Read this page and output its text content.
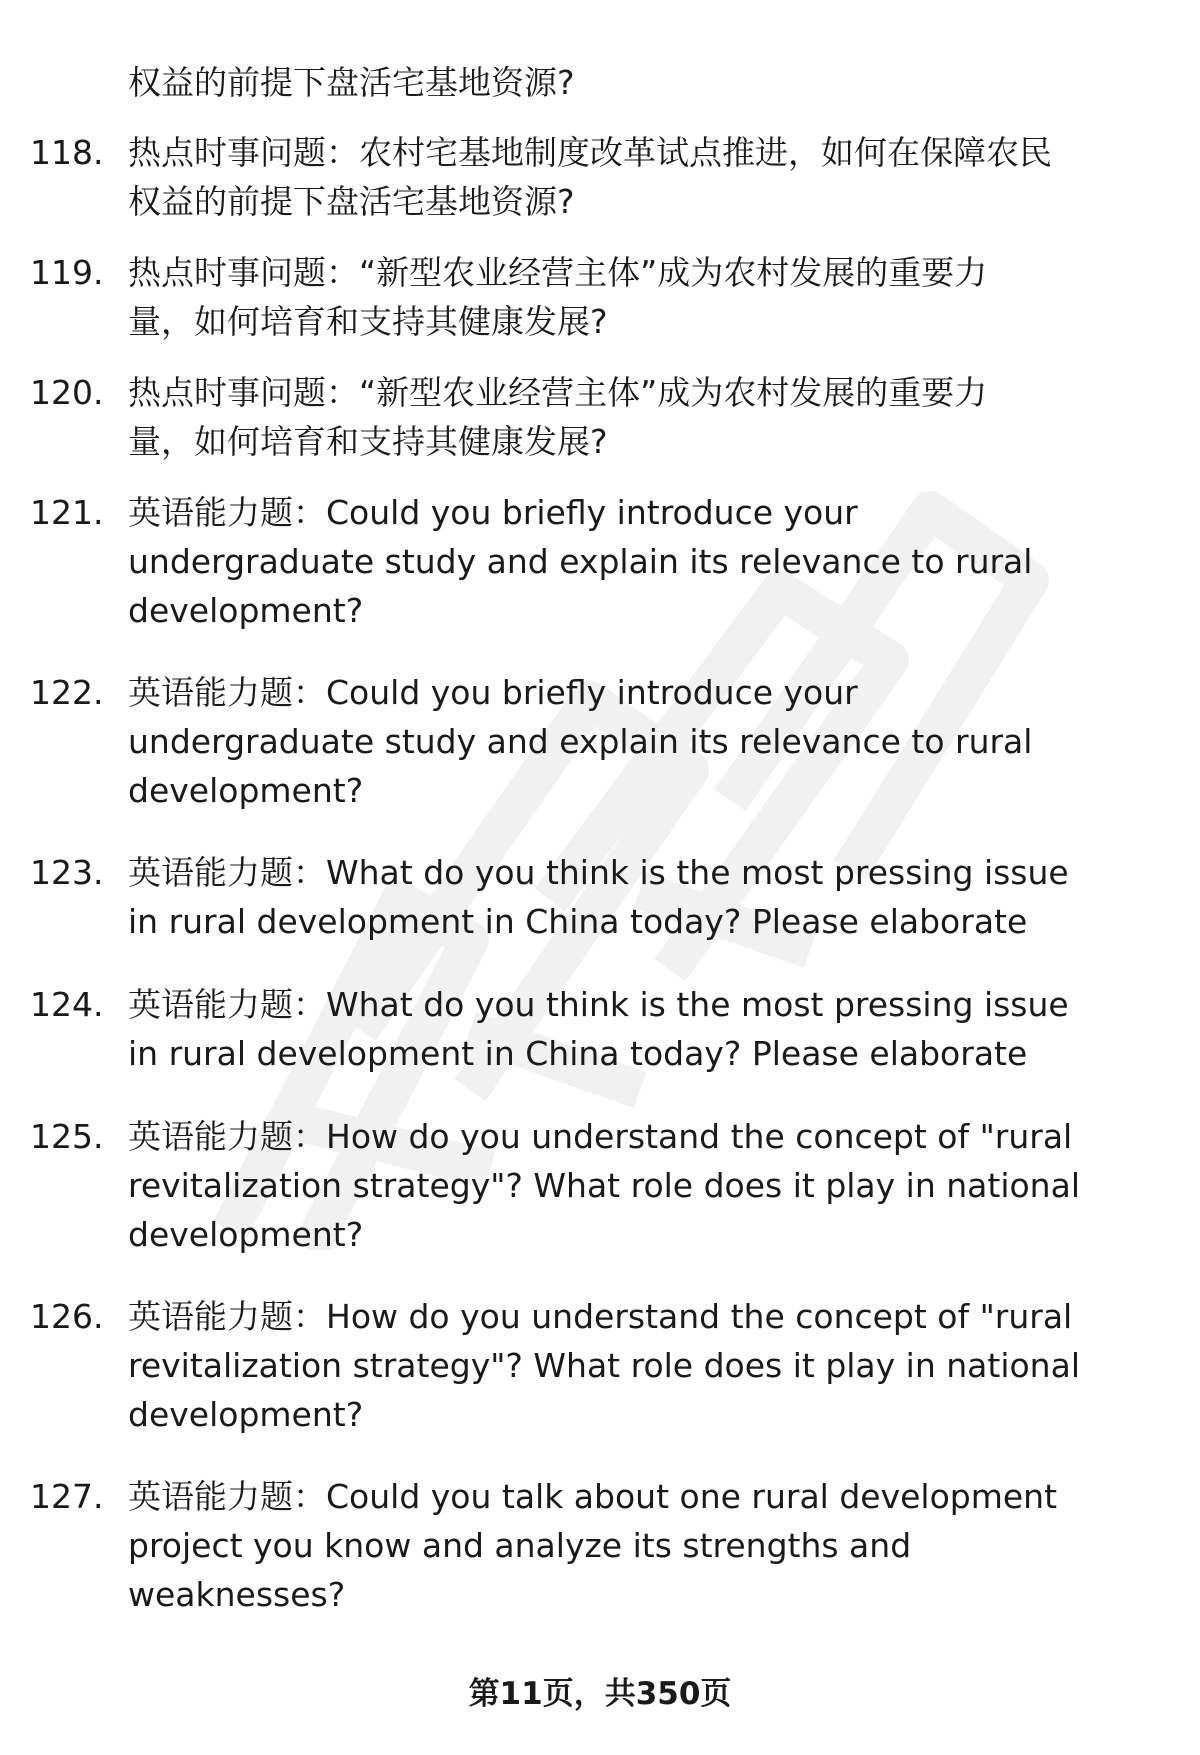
权益的前提下盘活宅基地资源?
118. 热点时事问题：农村宅基地制度改革试点推进，如何在保障农民
权益的前提下盘活宅基地资源?
119. 热点时事问题：“新型农业经营主体”成为农村发展的重要力
量，如何培育和支持其健康发展?
120. 热点时事问题：“新型农业经营主体”成为农村发展的重要力
量，如何培育和支持其健康发展?
121. 英语能力题：Could you briefly introduce your
undergraduate study and explain its relevance to rural
development?
122. 英语能力题：Could you briefly introduce your
undergraduate study and explain its relevance to rural
development?
123. 英语能力题：What do you think is the most pressing issue
in rural development in China today? Please elaborate
124. 英语能力题：What do you think is the most pressing issue
in rural development in China today? Please elaborate
125. 英语能力题：How do you understand the concept of "rural
revitalization strategy"? What role does it play in national
development?
126. 英语能力题：How do you understand the concept of "rural
revitalization strategy"? What role does it play in national
development?
127. 英语能力题：Could you talk about one rural development
project you know and analyze its strengths and
weaknesses?
第11页，共350页
